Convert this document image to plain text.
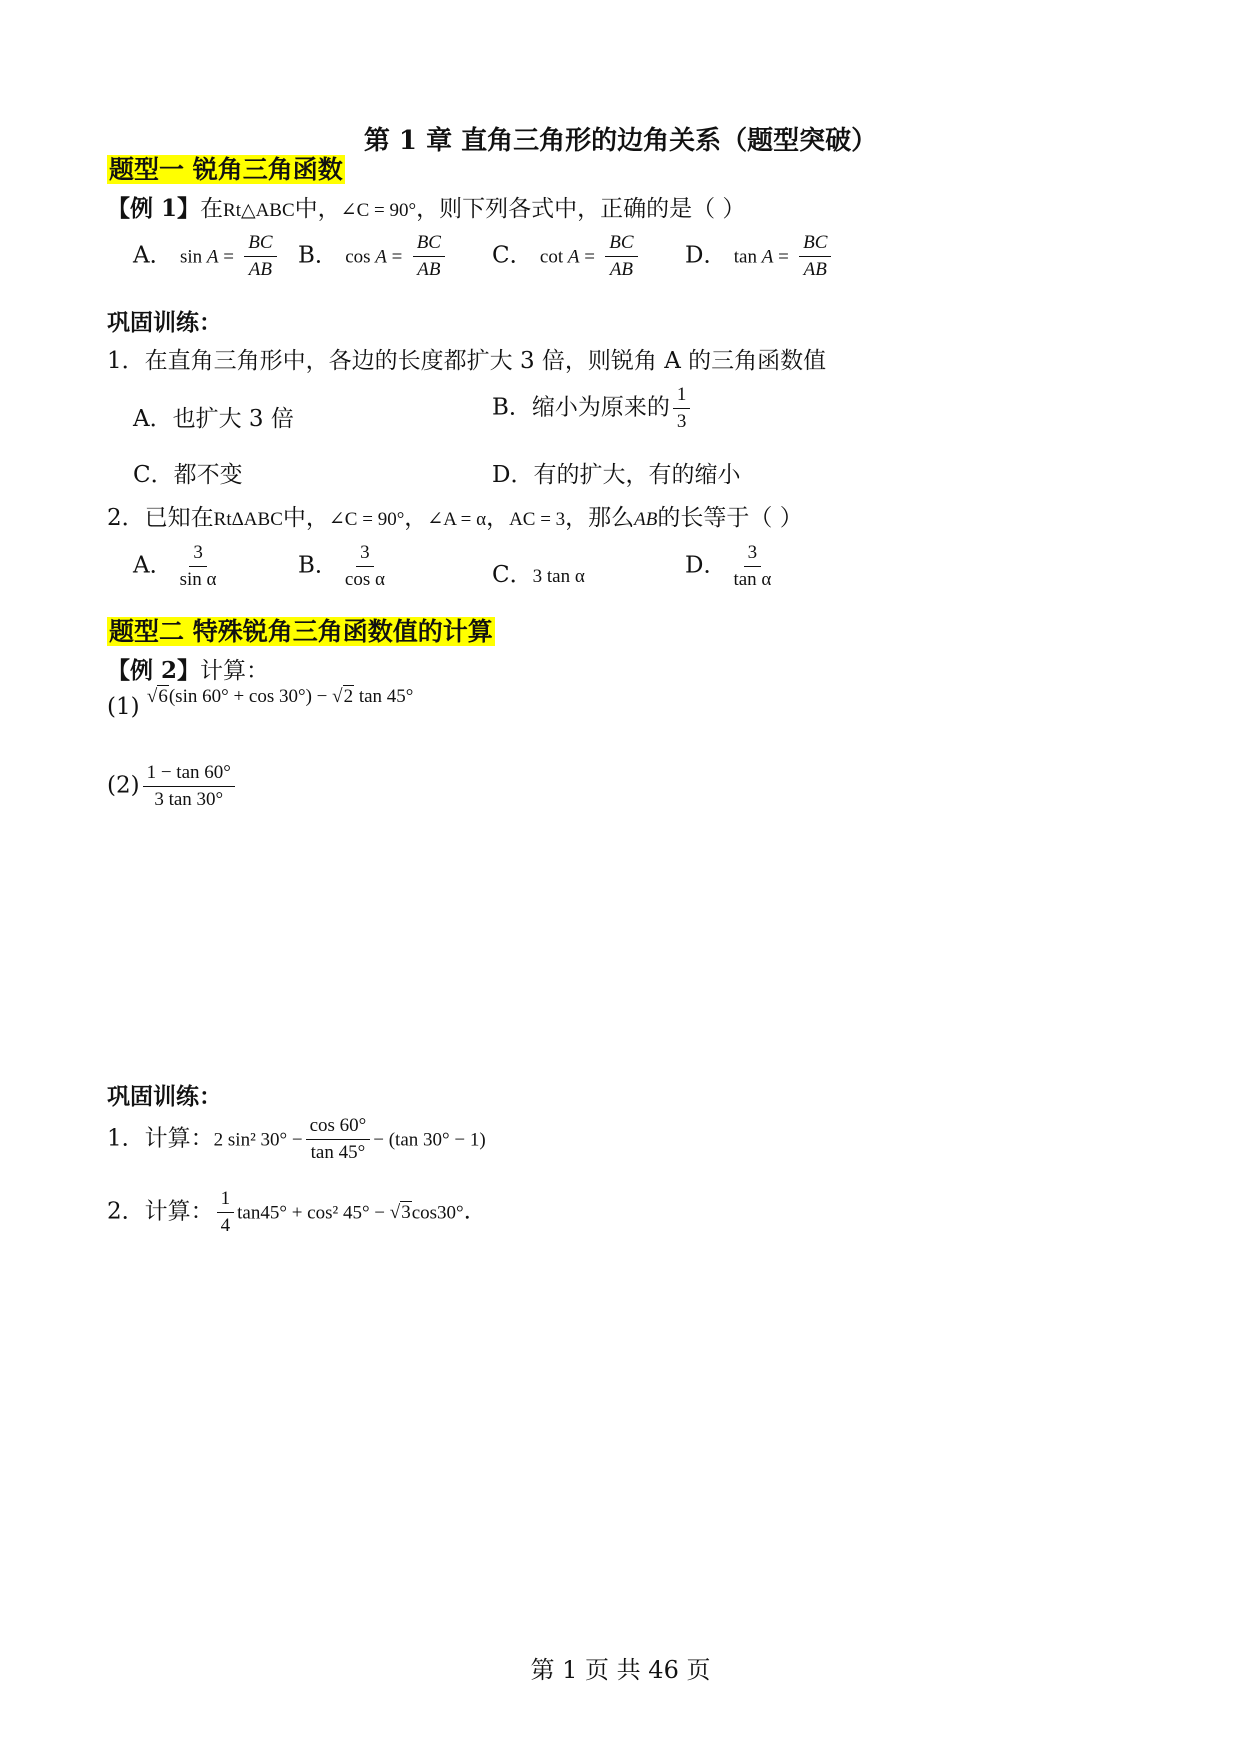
第 1 章 直角三角形的边角关系（题型突破）
题型一 锐角三角函数
【例 1】在Rt△ABC中，∠C = 90°，则下列各式中，正确的是（ ）
A． $\sin A = \frac{BC}{AB}$ B． $\cos A = \frac{BC}{AB}$ C． $\cot A = \frac{BC}{AB}$ D． $\tan A = \frac{BC}{AB}$
巩固训练：
1．在直角三角形中，各边的长度都扩大 3 倍，则锐角 A 的三角函数值
A．也扩大 3 倍	B．缩小为原来的 $\frac{1}{3}$
C．都不变	D．有的扩大，有的缩小
2．已知在RtΔABC中，∠C = 90°，∠A = α，AC = 3，那么AB的长等于（ ）
A． $\frac{3}{\text{sin α}}$	B． $\frac{3}{\text{cos α}}$	C．3 tan α	D． $\frac{3}{\text{tan α}}$
题型二 特殊锐角三角函数值的计算
【例 2】计算：
(1) $^{√6(sin 60^\circ + cos 30^\circ) - √2 tan 45^\circ}$
$(2) \frac{1 - \tan 60^\circ}{3 \tan 30^\circ}$
巩固训练：
1．计算：2 sin² $30^\circ - \frac{\cos 60^\circ}{\tan 45^\circ} - (\tan$ 30° − 1)
2．计算： $\frac{1}{4} \tan 45^\circ + \cos^2$ 45° − √3cos30°.
第 1 页 共 46 页
